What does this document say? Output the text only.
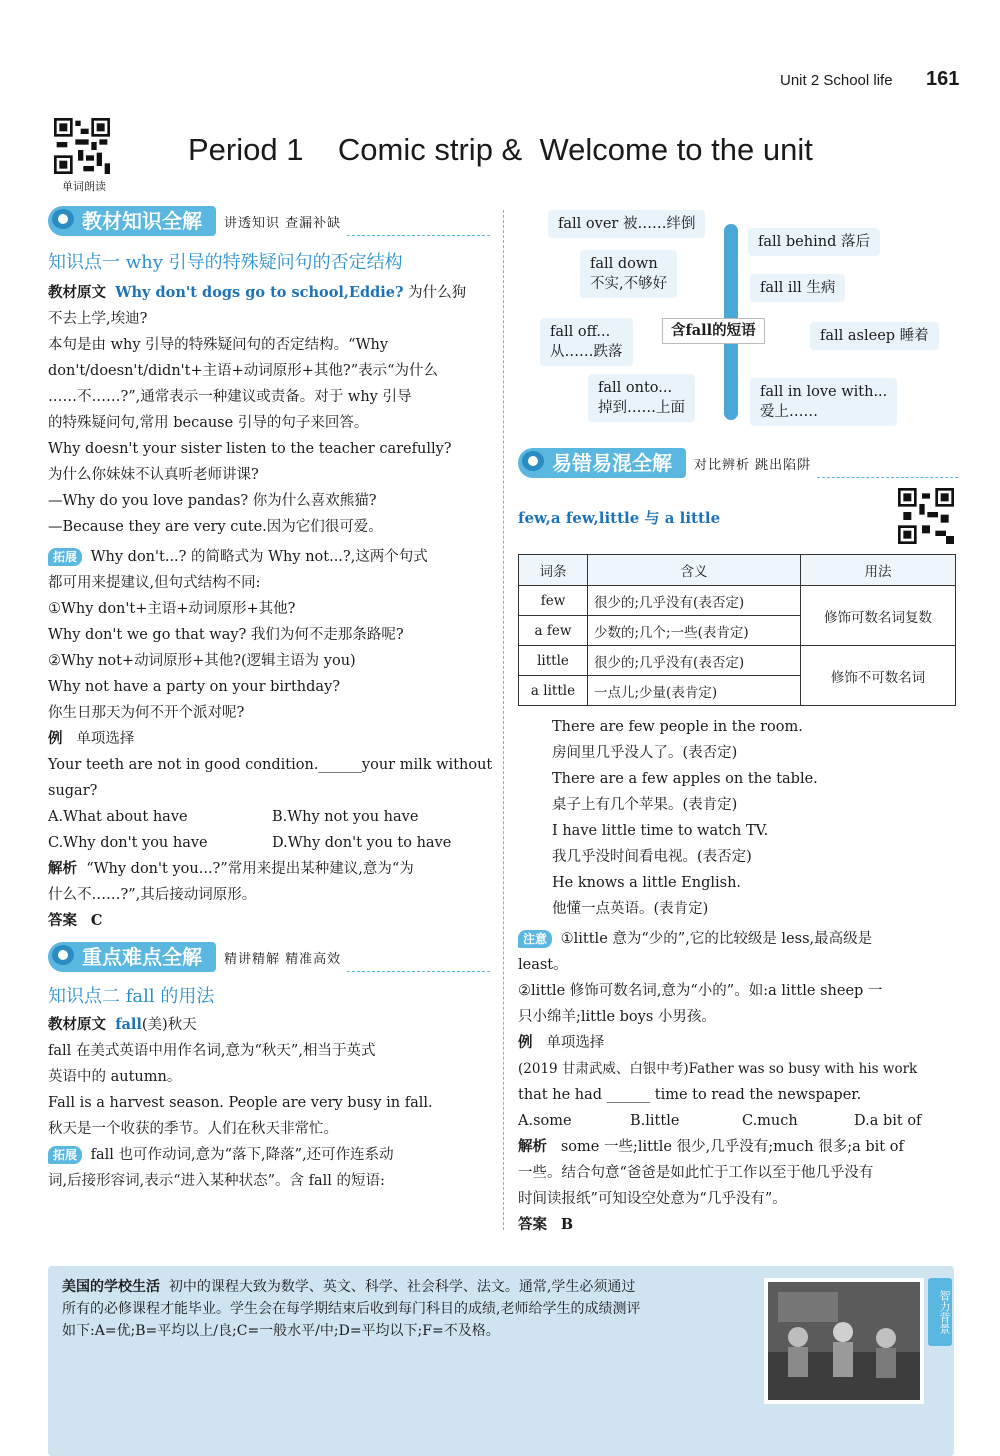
Unit 2 School life 161
单词朗读
Period 1    Comic strip &  Welcome to the unit
教材知识全解	讲透知识 查漏补缺
知识点一 why 引导的特殊疑问句的否定结构
教材原文 Why don't dogs go to school,Eddie? 为什么狗
不去上学,埃迪?
本句是由 why 引导的特殊疑问句的否定结构。“Why
don't/doesn't/didn't+主语+动词原形+其他?”表示“为什么
……不……?”,通常表示一种建议或责备。对于 why 引导
的特殊疑问句,常用 because 引导的句子来回答。
Why doesn't your sister listen to the teacher carefully?
为什么你妹妹不认真听老师讲课?
—Why do you love pandas? 你为什么喜欢熊猫?
—Because they are very cute.因为它们很可爱。
拓展 Why don't...? 的简略式为 Why not...?,这两个句式
都可用来提建议,但句式结构不同:
①Why don't+主语+动词原形+其他?
Why don't we go that way? 我们为何不走那条路呢?
②Why not+动词原形+其他?(逻辑主语为 you)
Why not have a party on your birthday?
你生日那天为何不开个派对呢?
例 单项选择
Your teeth are not in good condition.______your milk without
sugar?
A.What about have	B.Why not you have
C.Why don't you have	D.Why don't you to have
解析 “Why don't you...?”常用来提出某种建议,意为“为
什么不……?”,其后接动词原形。
答案 C
重点难点全解	精讲精解 精准高效
知识点二 fall 的用法
教材原文 fall(美)秋天
fall 在美式英语中用作名词,意为“秋天”,相当于英式
英语中的 autumn。
Fall is a harvest season. People are very busy in fall.
秋天是一个收获的季节。人们在秋天非常忙。
拓展 fall 也可作动词,意为“落下,降落”,还可作连系动
词,后接形容词,表示“进入某种状态”。含 fall 的短语:
fall over 被……绊倒
fall down
不实,不够好
fall off...
从……跌落
fall onto...
掉到……上面
含fall的短语
fall behind 落后
fall ill 生病
fall asleep 睡着
fall in love with...
爱上……
易错易混全解	对比辨析 跳出陷阱
few,a few,little 与 a little
词条	含义	用法
few	很少的;几乎没有(表否定)	修饰可数名词复数
a few	少数的;几个;一些(表肯定)	
little	很少的;几乎没有(表否定)	修饰不可数名词
a little	一点儿;少量(表肯定)	
There are few people in the room.
房间里几乎没人了。(表否定)
There are a few apples on the table.
桌子上有几个苹果。(表肯定)
I have little time to watch TV.
我几乎没时间看电视。(表否定)
He knows a little English.
他懂一点英语。(表肯定)
注意 ①little 意为“少的”,它的比较级是 less,最高级是
least。
②little 修饰可数名词,意为“小的”。如:a little sheep 一
只小绵羊;little boys 小男孩。
例 单项选择
(2019 甘肃武威、白银中考)Father was so busy with his work
that he had ______ time to read the newspaper.
A.some	B.little	C.much	D.a bit of
解析 some 一些;little 很少,几乎没有;much 很多;a bit of
一些。结合句意“爸爸是如此忙于工作以至于他几乎没有
时间读报纸”可知设空处意为“几乎没有”。
答案 B
美国的学校生活 初中的课程大致为数学、英文、科学、社会科学、法文。通常,学生必须通过
所有的必修课程才能毕业。学生会在每学期结束后收到每门科目的成绩,老师给学生的成绩测评
如下:A=优;B=平均以上/良;C=一般水平/中;D=平均以下;F=不及格。	智力背景
